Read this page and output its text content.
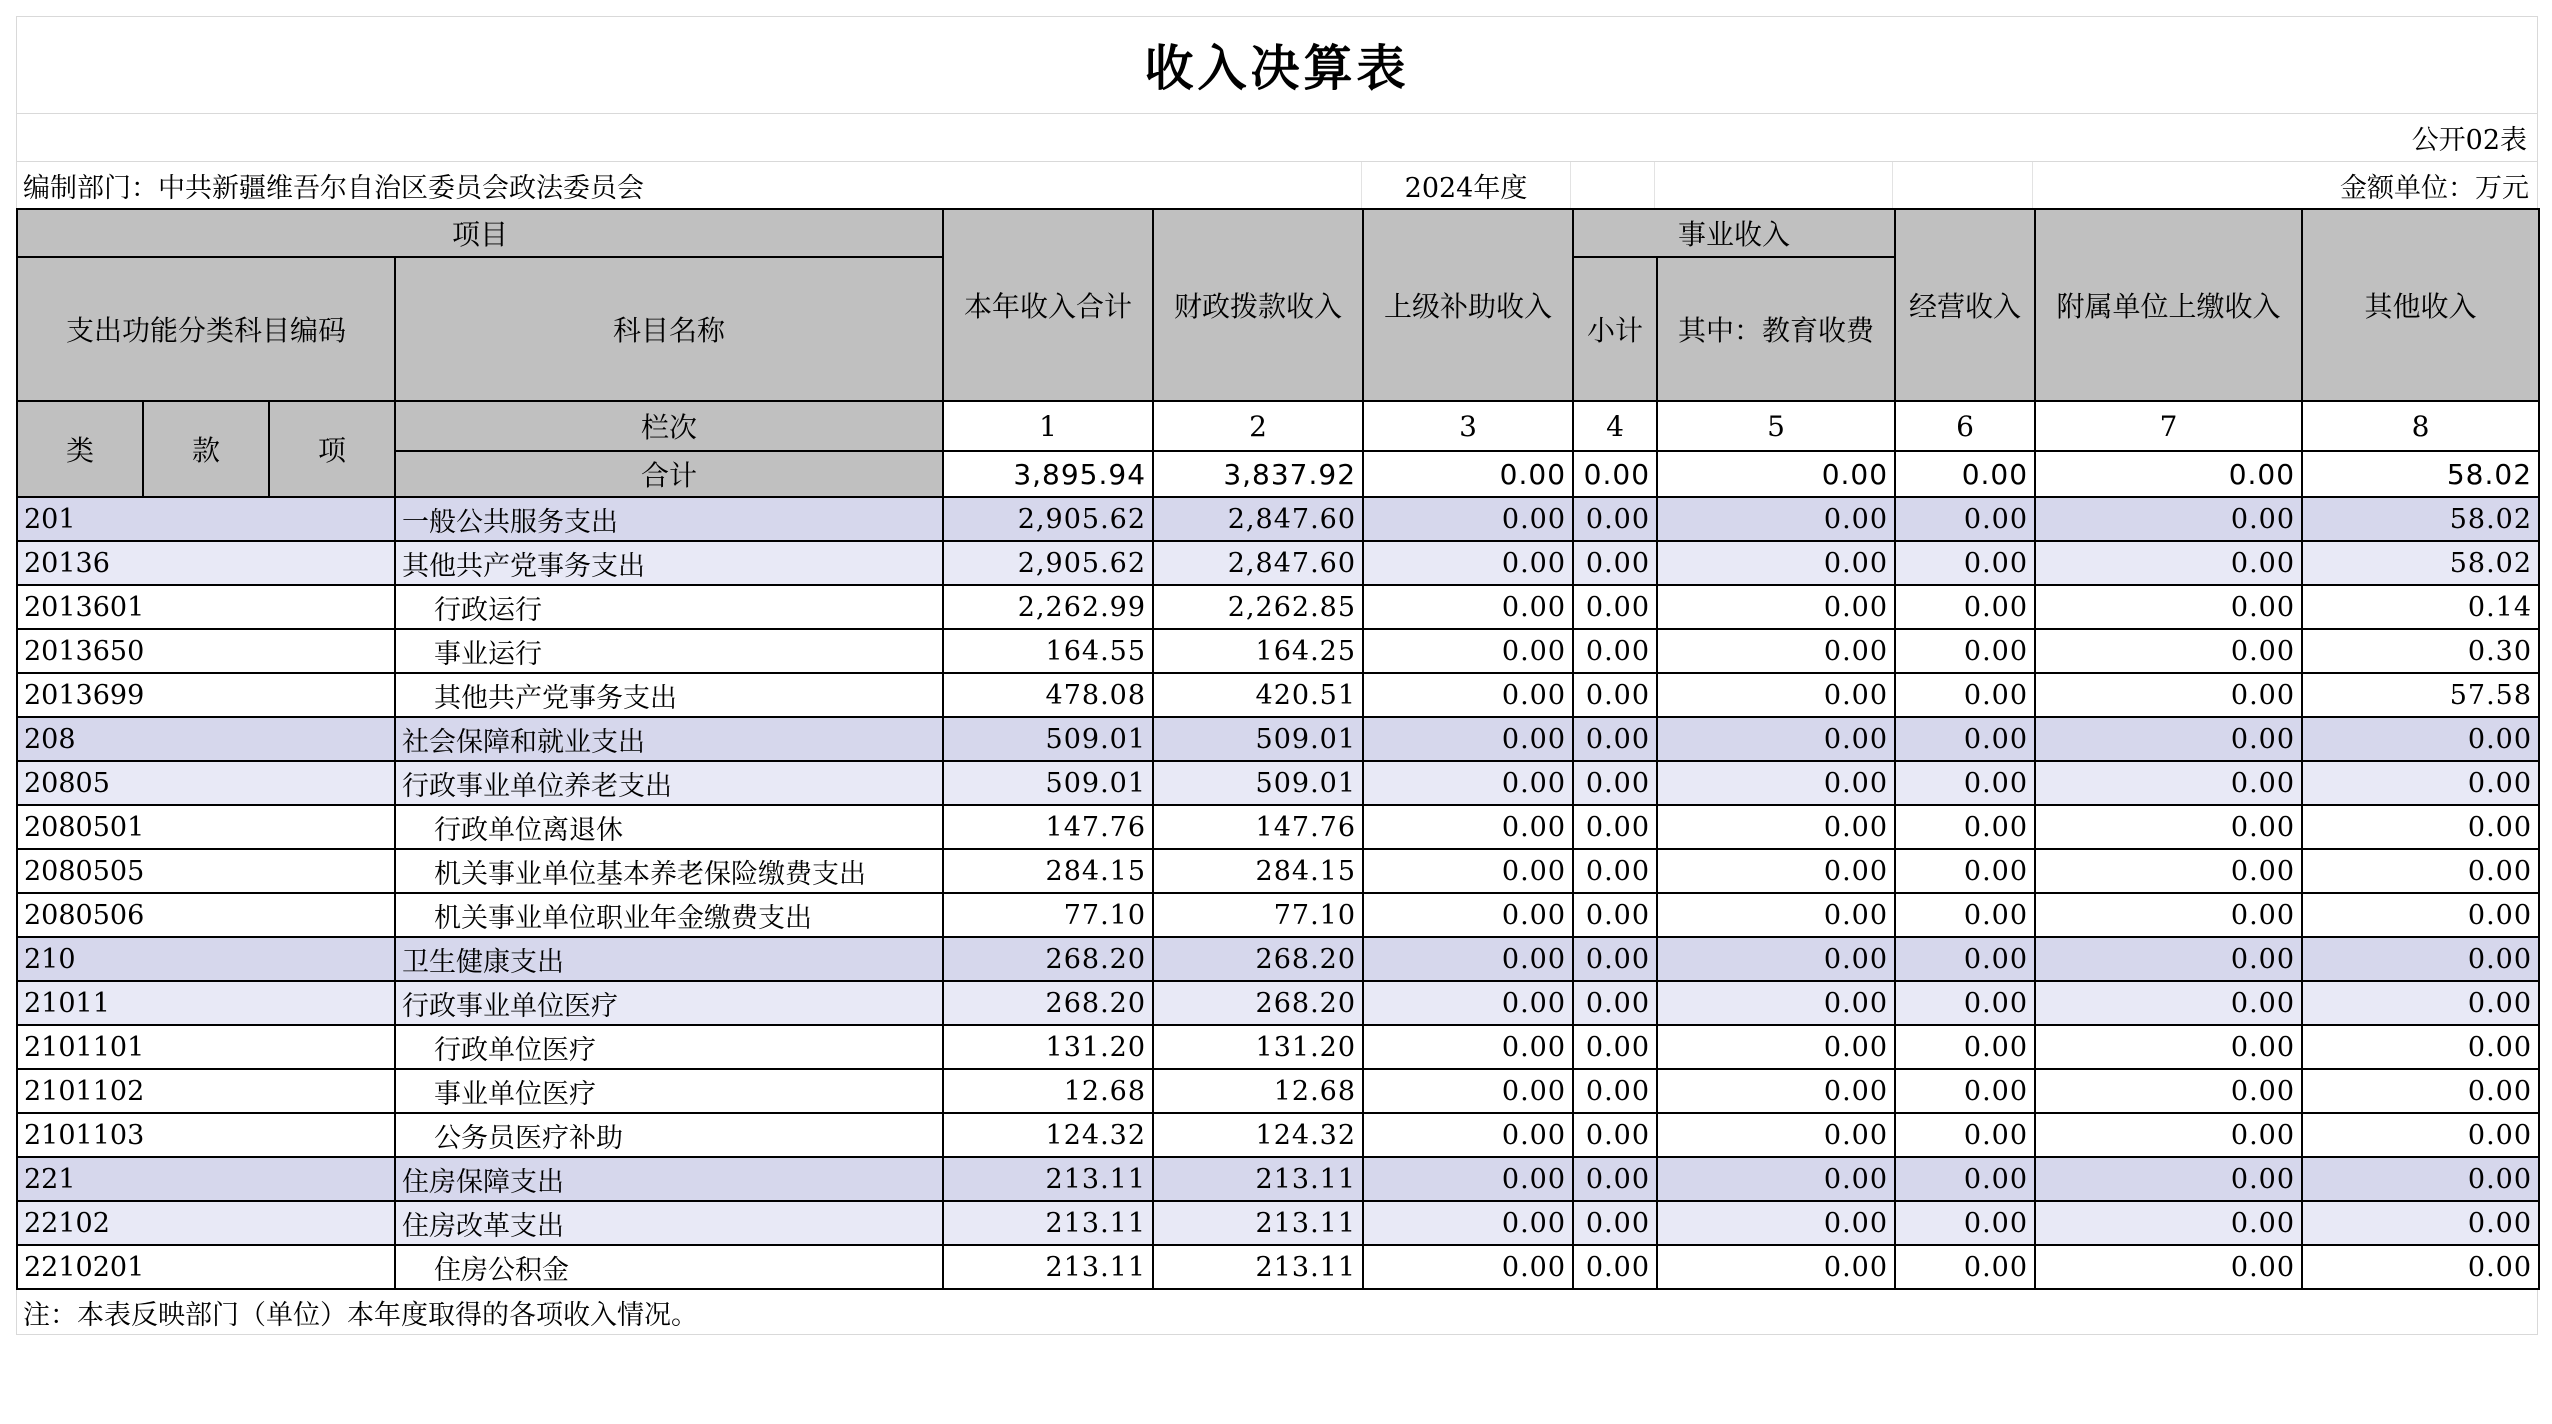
收入决算表
公开02表
编制部门：中共新疆维吾尔自治区委员会政法委员会	2024年度	金额单位：万元
项目				本年收入合计	财政拨款收入	上级补助收入	事业收入		经营收入	附属单位上缴收入	其他收入
支出功能分类科目编码			科目名称				小计	其中：教育收费			
类	款	项	栏次	1	2	3	4	5	6	7	8
			合计	3,895.94	3,837.92	0.00	0.00	0.00	0.00	0.00	58.02
201			一般公共服务支出	2,905.62	2,847.60	0.00	0.00	0.00	0.00	0.00	58.02
20136			其他共产党事务支出	2,905.62	2,847.60	0.00	0.00	0.00	0.00	0.00	58.02
2013601			行政运行	2,262.99	2,262.85	0.00	0.00	0.00	0.00	0.00	0.14
2013650			事业运行	164.55	164.25	0.00	0.00	0.00	0.00	0.00	0.30
2013699			其他共产党事务支出	478.08	420.51	0.00	0.00	0.00	0.00	0.00	57.58
208			社会保障和就业支出	509.01	509.01	0.00	0.00	0.00	0.00	0.00	0.00
20805			行政事业单位养老支出	509.01	509.01	0.00	0.00	0.00	0.00	0.00	0.00
2080501			行政单位离退休	147.76	147.76	0.00	0.00	0.00	0.00	0.00	0.00
2080505			机关事业单位基本养老保险缴费支出	284.15	284.15	0.00	0.00	0.00	0.00	0.00	0.00
2080506			机关事业单位职业年金缴费支出	77.10	77.10	0.00	0.00	0.00	0.00	0.00	0.00
210			卫生健康支出	268.20	268.20	0.00	0.00	0.00	0.00	0.00	0.00
21011			行政事业单位医疗	268.20	268.20	0.00	0.00	0.00	0.00	0.00	0.00
2101101			行政单位医疗	131.20	131.20	0.00	0.00	0.00	0.00	0.00	0.00
2101102			事业单位医疗	12.68	12.68	0.00	0.00	0.00	0.00	0.00	0.00
2101103			公务员医疗补助	124.32	124.32	0.00	0.00	0.00	0.00	0.00	0.00
221			住房保障支出	213.11	213.11	0.00	0.00	0.00	0.00	0.00	0.00
22102			住房改革支出	213.11	213.11	0.00	0.00	0.00	0.00	0.00	0.00
2210201			住房公积金	213.11	213.11	0.00	0.00	0.00	0.00	0.00	0.00
注：本表反映部门（单位）本年度取得的各项收入情况。
